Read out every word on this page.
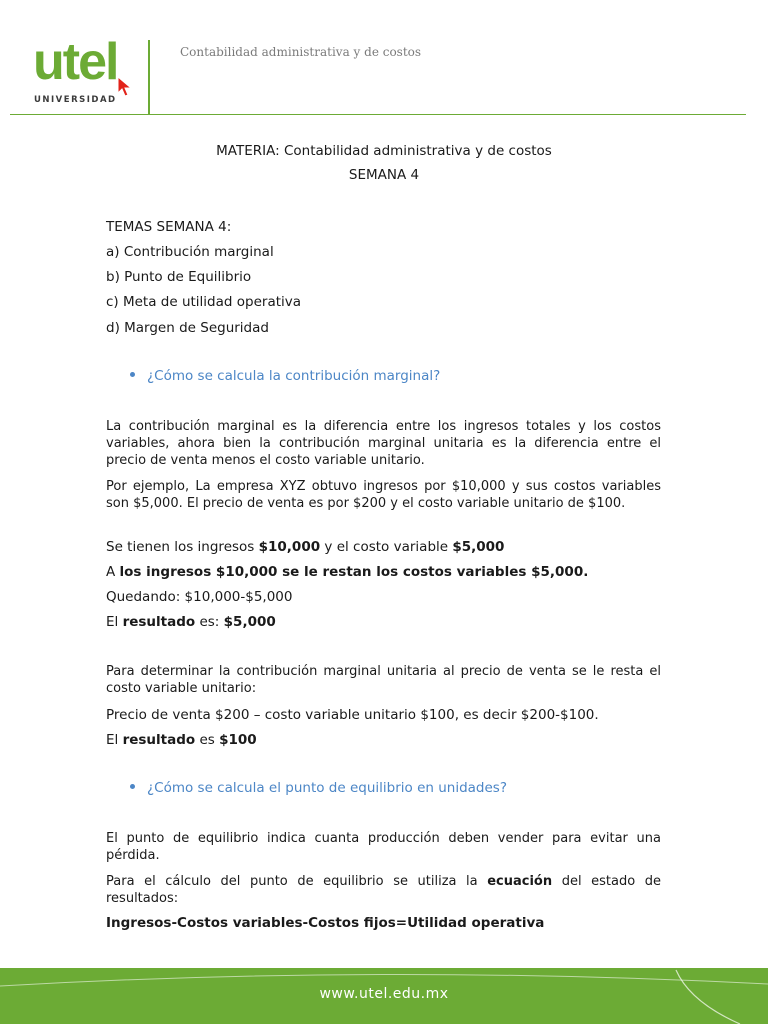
utel
UNIVERSIDAD
Contabilidad administrativa y de costos
MATERIA: Contabilidad administrativa y de costos
SEMANA 4
TEMAS SEMANA 4:
a) Contribución marginal
b) Punto de Equilibrio
c) Meta de utilidad operativa
d) Margen de Seguridad
¿Cómo se calcula la contribución marginal?
La contribución marginal es la diferencia entre los ingresos totales y los costos variables, ahora bien la contribución marginal unitaria es la diferencia entre el precio de venta menos el costo variable unitario.
Por ejemplo, La empresa XYZ obtuvo ingresos por $10,000 y sus costos variables son $5,000. El precio de venta es por $200 y el costo variable unitario de $100.
Se tienen los ingresos $10,000 y el costo variable $5,000
A los ingresos $10,000 se le restan los costos variables $5,000.
Quedando: $10,000-$5,000
El resultado es: $5,000
Para determinar la contribución marginal unitaria al precio de venta se le resta el costo variable unitario:
Precio de venta $200 – costo variable unitario $100, es decir $200-$100.
El resultado es $100
¿Cómo se calcula el punto de equilibrio en unidades?
El punto de equilibrio indica cuanta producción deben vender para evitar una pérdida.
Para el cálculo del punto de equilibrio se utiliza la ecuación del estado de resultados:
Ingresos-Costos variables-Costos fijos=Utilidad operativa
www.utel.edu.mx
